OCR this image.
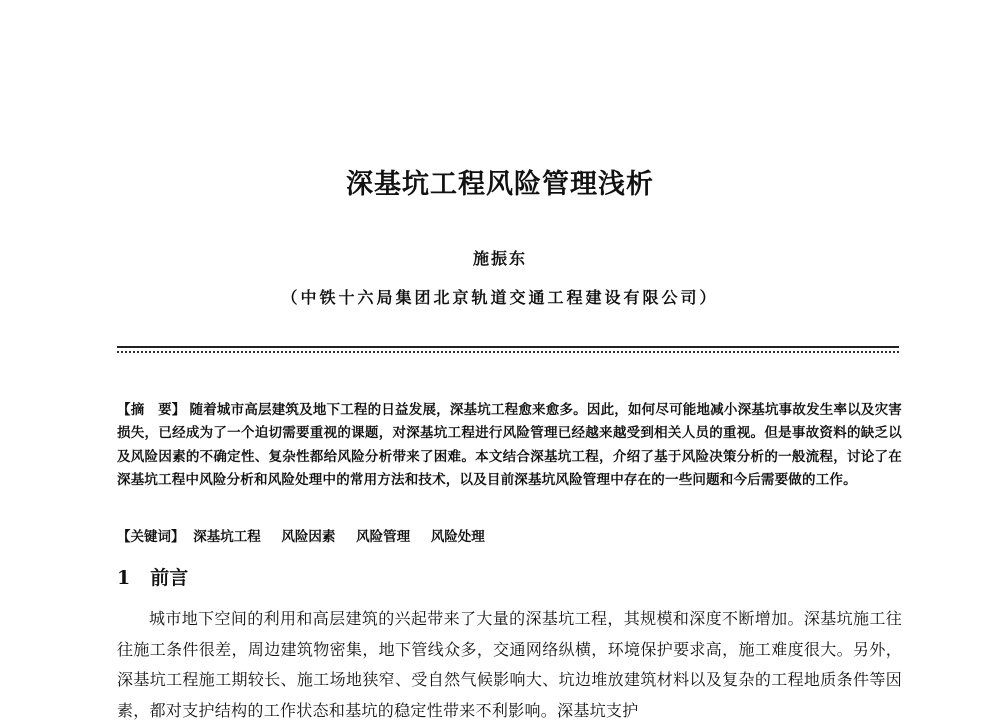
深基坑工程风险管理浅析
施振东
（中铁十六局集团北京轨道交通工程建设有限公司）
【摘　要】 随着城市高层建筑及地下工程的日益发展，深基坑工程愈来愈多。因此，如何尽可能地减小深基坑事故发生率以及灾害损失，已经成为了一个迫切需要重视的课题，对深基坑工程进行风险管理已经越来越受到相关人员的重视。但是事故资料的缺乏以及风险因素的不确定性、复杂性都给风险分析带来了困难。本文结合深基坑工程，介绍了基于风险决策分析的一般流程，讨论了在深基坑工程中风险分析和风险处理中的常用方法和技术，以及目前深基坑风险管理中存在的一些问题和今后需要做的工作。
【关键词】 深基坑工程 风险因素 风险管理 风险处理
1 前言
城市地下空间的利用和高层建筑的兴起带来了大量的深基坑工程，其规模和深度不断增加。深基坑施工往往施工条件很差，周边建筑物密集，地下管线众多，交通网络纵横，环境保护要求高，施工难度很大。另外，深基坑工程施工期较长、施工场地狭窄、受自然气候影响大、坑边堆放建筑材料以及复杂的工程地质条件等因素，都对支护结构的工作状态和基坑的稳定性带来不利影响。深基坑支护
